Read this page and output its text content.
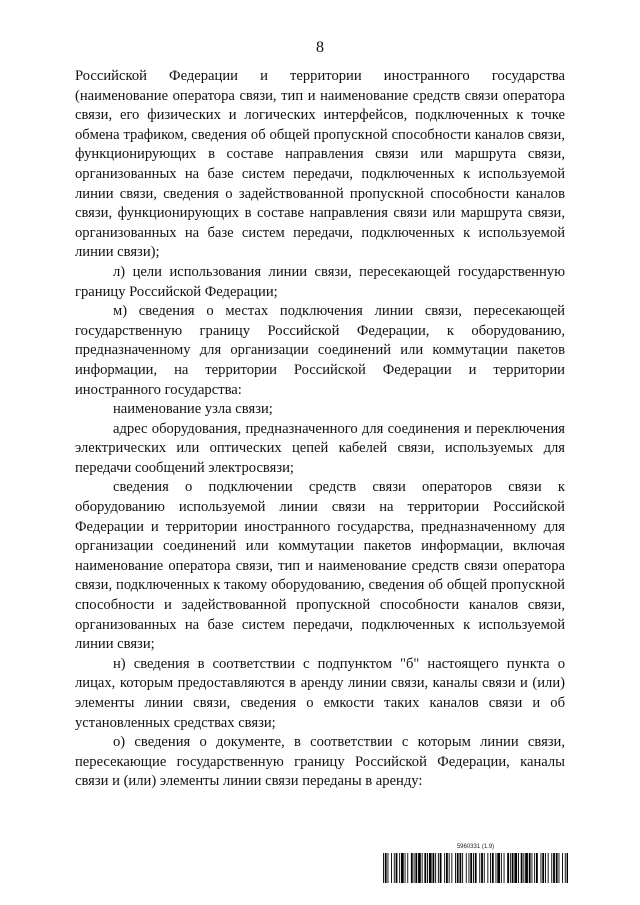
8

Российской Федерации и территории иностранного государства (наименование оператора связи, тип и наименование средств связи оператора связи, его физических и логических интерфейсов, подключенных к точке обмена трафиком, сведения об общей пропускной способности каналов связи, функционирующих в составе направления связи или маршрута связи, организованных на базе систем передачи, подключенных к используемой линии связи, сведения о задействованной пропускной способности каналов связи, функционирующих в составе направления связи или маршрута связи, организованных на базе систем передачи, подключенных к используемой линии связи);

л) цели использования линии связи, пересекающей государственную границу Российской Федерации;

м) сведения о местах подключения линии связи, пересекающей государственную границу Российской Федерации, к оборудованию, предназначенному для организации соединений или коммутации пакетов информации, на территории Российской Федерации и территории иностранного государства:

наименование узла связи;

адрес оборудования, предназначенного для соединения и переключения электрических или оптических цепей кабелей связи, используемых для передачи сообщений электросвязи;

сведения о подключении средств связи операторов связи к оборудованию используемой линии связи на территории Российской Федерации и территории иностранного государства, предназначенному для организации соединений или коммутации пакетов информации, включая наименование оператора связи, тип и наименование средств связи оператора связи, подключенных к такому оборудованию, сведения об общей пропускной способности и задействованной пропускной способности каналов связи, организованных на базе систем передачи, подключенных к используемой линии связи;

н) сведения в соответствии с подпунктом "б" настоящего пункта о лицах, которым предоставляются в аренду линии связи, каналы связи и (или) элементы линии связи, сведения о емкости таких каналов связи и об установленных средствах связи;

о) сведения о документе, в соответствии с которым линии связи, пересекающие государственную границу Российской Федерации, каналы связи и (или) элементы линии связи переданы в аренду:

5960331 (1.9)
